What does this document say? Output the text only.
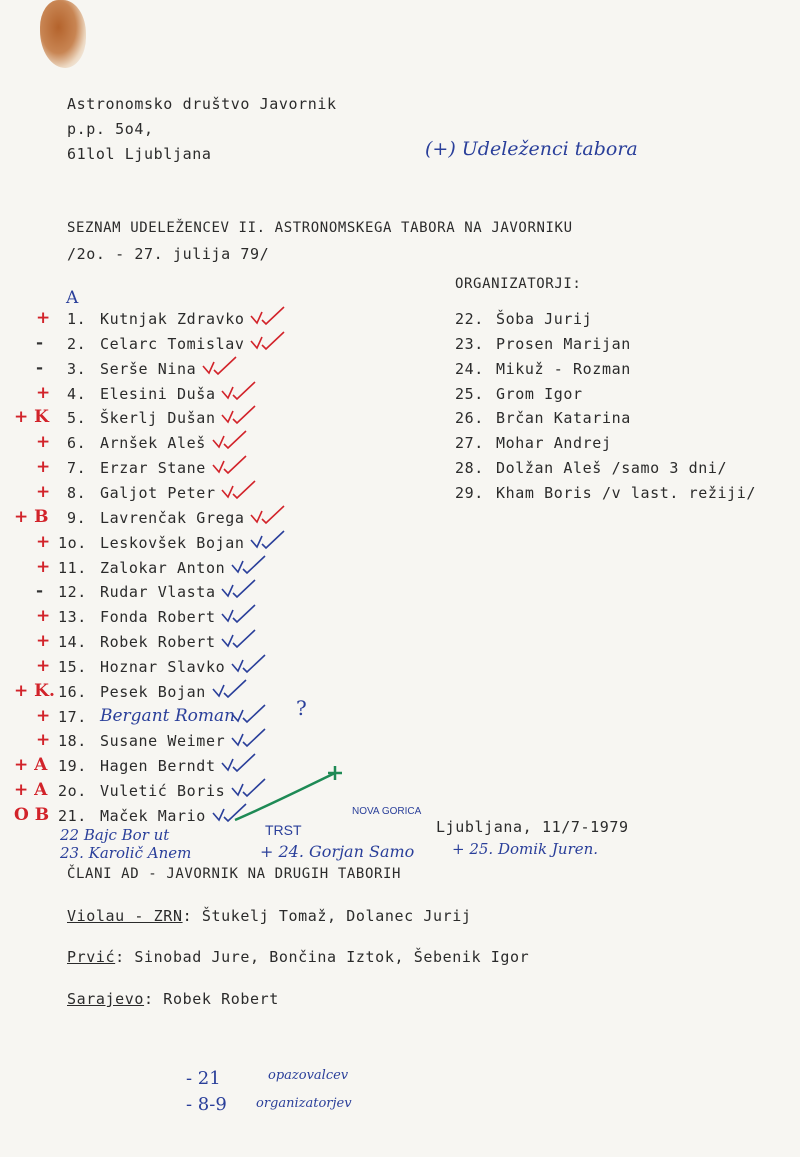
Astronomsko društvo Javornik
p.p. 5o4,
61lol Ljubljana	(+) Udeleženci tabora
SEZNAM UDELEŽENCEV II. ASTRONOMSKEGA TABORA NA JAVORNIKU
/2o. - 27. julija 79/
ORGANIZATORJI:
A
+ 1. Kutnjak Zdravko
- 2. Celarc Tomislav
- 3. Serše Nina
+ 4. Elesini Duša
+ K 5. Škerlj Dušan
+ 6. Arnšek Aleš
+ 7. Erzar Stane
+ 8. Galjot Peter
+ B 9. Lavrenčak Grega
+ 1o. Leskovšek Bojan
+ 11. Zalokar Anton
- 12. Rudar Vlasta
+ 13. Fonda Robert
+ 14. Robek Robert
+ 15. Hoznar Slavko
+ K. 16. Pesek Bojan
+ 17. Bergant Roman
+ 18. Susane Weimer
+ A 19. Hagen Berndt
+ A 2o. Vuletić Boris
O B 21. Maček Mario
22. Šoba Jurij
23. Prosen Marijan
24. Mikuž - Rozman
25. Grom Igor
26. Brčan Katarina
27. Mohar Andrej
28. Dolžan Aleš /samo 3 dni/
29. Kham Boris /v last. režiji/
22 Bajc Bor ut	TRST
NOVA GORICA
Ljubljana, 11/7-1979
?
23. Karolič Anem	+ 24. Gorjan Samo	+ 25. Domik Juren.
ČLANI AD - JAVORNIK NA DRUGIH TABORIH
Violau - ZRN: Štukelj Tomaž, Dolanec Jurij
Prvić: Sinobad Jure, Bončina Iztok, Šebenik Igor
Sarajevo: Robek Robert
- 21	opazovalcev
- 8-9 organizatorjev
